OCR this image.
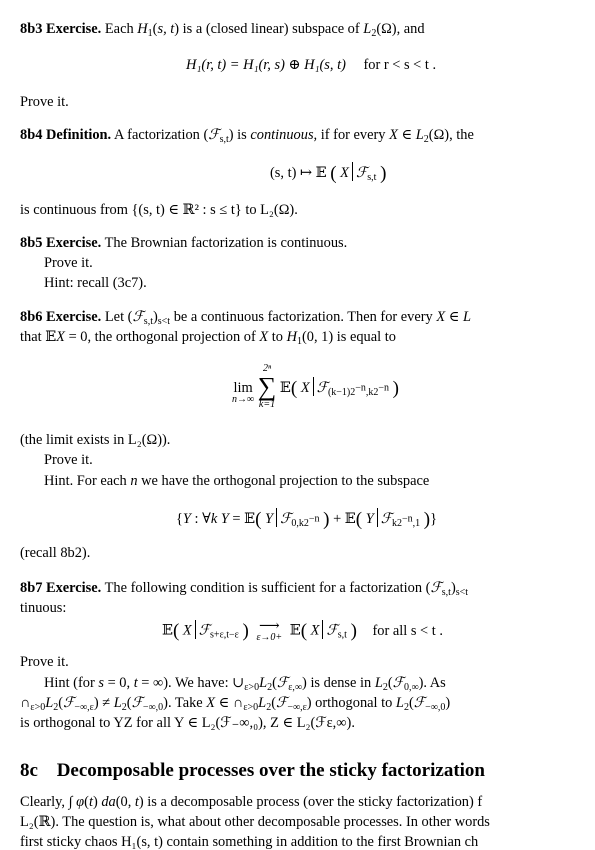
8b3 Exercise. Each $H_1(s$, t) is a (closed linear) subspace of $L_2(\Omega)$, and
H₁(r, t) = H₁(r, s) ⊕ H₁(s, t) for r < s < t .
Prove it.
8b4 Definition. A factorization (ℱ$_{s,t}$) is continuous, if for every X ∈ $L_2(\Omega)$, the
(s, t) ↦ 𝔼 ( X ℱ$_{s,t}$ )
is continuous from {(s, t) ∈ ℝ² : s ≤ t} to L₂(Ω).
8b5 Exercise. The Brownian factorization is continuous.
Prove it.
Hint: recall (3c7).
8b6 Exercise. Let $(ℱ_{s,t})_{s<t}$ be a continuous factorization. Then for every X ∈ L
that 𝔼X = 0, the orthogonal projection of X to $H_1(0$, 1) is equal to
lim
n→∞

2ⁿ
∑
k=1
𝔼( X ℱ$_{(k-1)2^{-n},k2^{-n}}$ )
(the limit exists in L₂(Ω)).
Prove it.
Hint. For each n we have the orthogonal projection to the subspace
{Y : ∀k Y = 𝔼( Y ℱ$_{0,k2^{-n}}$ ) + 𝔼( Y ℱ$_{k2^{-n},1}$ )}
(recall 8b2).
8b7 Exercise. The following condition is sufficient for a factorization $(ℱ_{s,t})_{s<t}$
tinuous:
𝔼( X ℱ$_{s+\varepsilon,t-\varepsilon}$ ) ⟶
ε→0+ 𝔼( X ℱ$_{s,t}$ ) for all s < t .
Prove it.
Hint (for s = 0, t = ∞). We have: $\cup_{\varepsilon>0}L_2(ℱ_{\varepsilon,\infty})$ is dense in $L_2(ℱ_{0,\infty})$. As
$\cap_{\varepsilon>0}L_2(ℱ_{-\infty,\varepsilon})$ ≠ $L_2(ℱ_{-\infty,0})$. Take X ∈ $\cap_{\varepsilon>0}L_2(ℱ_{-\infty,\varepsilon})$ orthogonal to $L_2(ℱ_{-\infty,0})$
is orthogonal to YZ for all Y ∈ L₂(ℱ₋∞,₀), Z ∈ L₂(ℱε,∞).
8c Decomposable processes over the sticky factorization
Clearly, ∫ φ(t) da(0, t) is a decomposable process (over the sticky factorization) f
L₂(ℝ). The question is, what about other decomposable processes. In other words
first sticky chaos H₁(s, t) contain something in addition to the first Brownian ch
